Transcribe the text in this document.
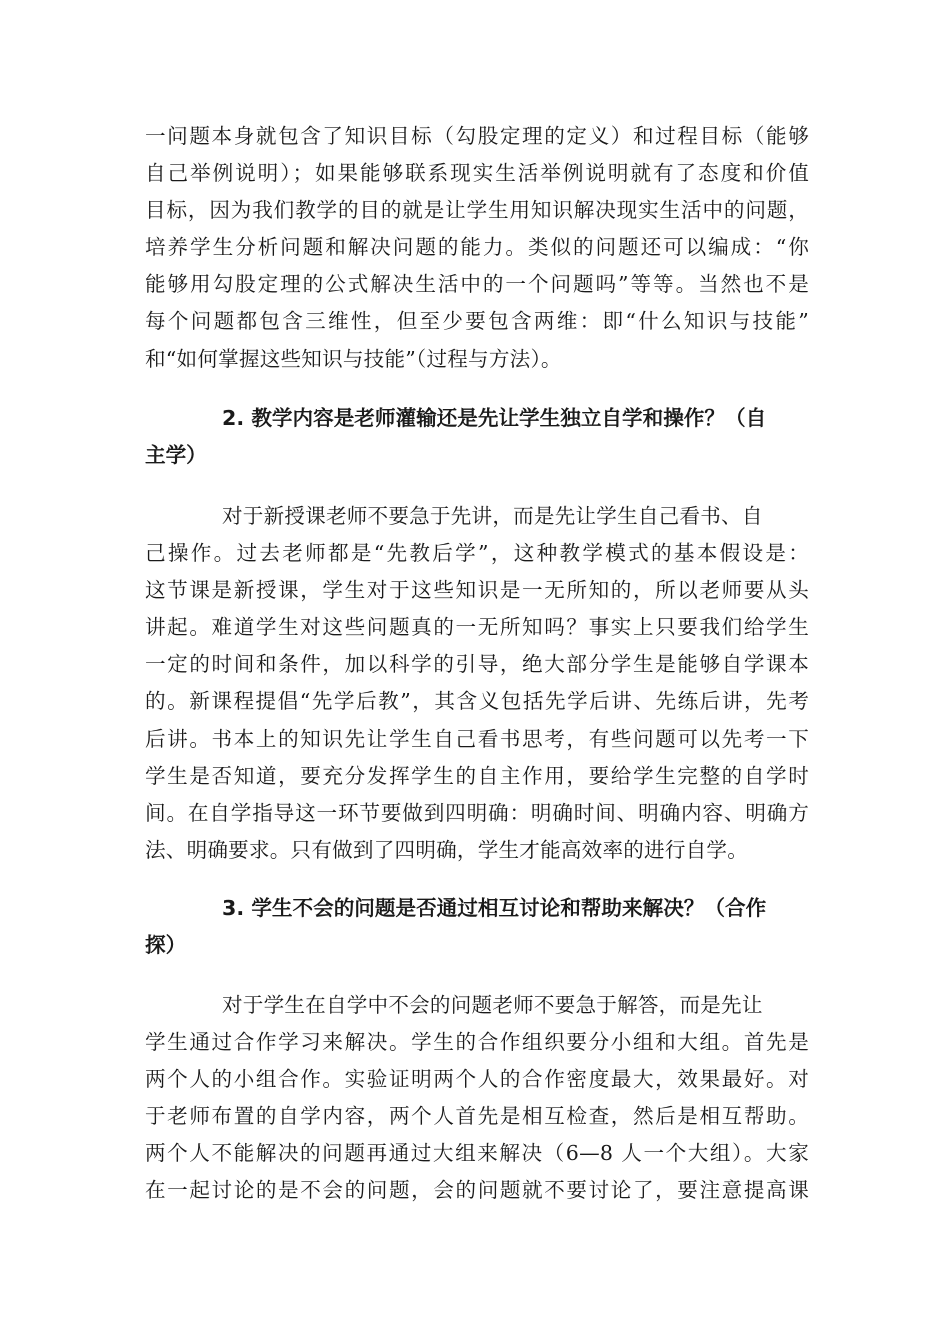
一问题本身就包含了知识目标（勾股定理的定义）和过程目标（能够
自己举例说明）；如果能够联系现实生活举例说明就有了态度和价值
目标，因为我们教学的目的就是让学生用知识解决现实生活中的问题，
培养学生分析问题和解决问题的能力。类似的问题还可以编成：“你
能够用勾股定理的公式解决生活中的一个问题吗”等等。当然也不是
每个问题都包含三维性，但至少要包含两维：即“什么知识与技能”
和“如何掌握这些知识与技能”（过程与方法）。
2. 教学内容是老师灌输还是先让学生独立自学和操作？（自
主学）
对于新授课老师不要急于先讲，而是先让学生自己看书、自
己操作。过去老师都是“先教后学”，这种教学模式的基本假设是：
这节课是新授课，学生对于这些知识是一无所知的，所以老师要从头
讲起。难道学生对这些问题真的一无所知吗？事实上只要我们给学生
一定的时间和条件，加以科学的引导，绝大部分学生是能够自学课本
的。新课程提倡“先学后教”，其含义包括先学后讲、先练后讲，先考
后讲。书本上的知识先让学生自己看书思考，有些问题可以先考一下
学生是否知道，要充分发挥学生的自主作用，要给学生完整的自学时
间。在自学指导这一环节要做到四明确：明确时间、明确内容、明确方
法、明确要求。只有做到了四明确，学生才能高效率的进行自学。
3. 学生不会的问题是否通过相互讨论和帮助来解决？（合作
探）
对于学生在自学中不会的问题老师不要急于解答，而是先让
学生通过合作学习来解决。学生的合作组织要分小组和大组。首先是
两个人的小组合作。实验证明两个人的合作密度最大，效果最好。对
于老师布置的自学内容，两个人首先是相互检查，然后是相互帮助。
两个人不能解决的问题再通过大组来解决（6—8 人一个大组）。大家
在一起讨论的是不会的问题，会的问题就不要讨论了，要注意提高课
